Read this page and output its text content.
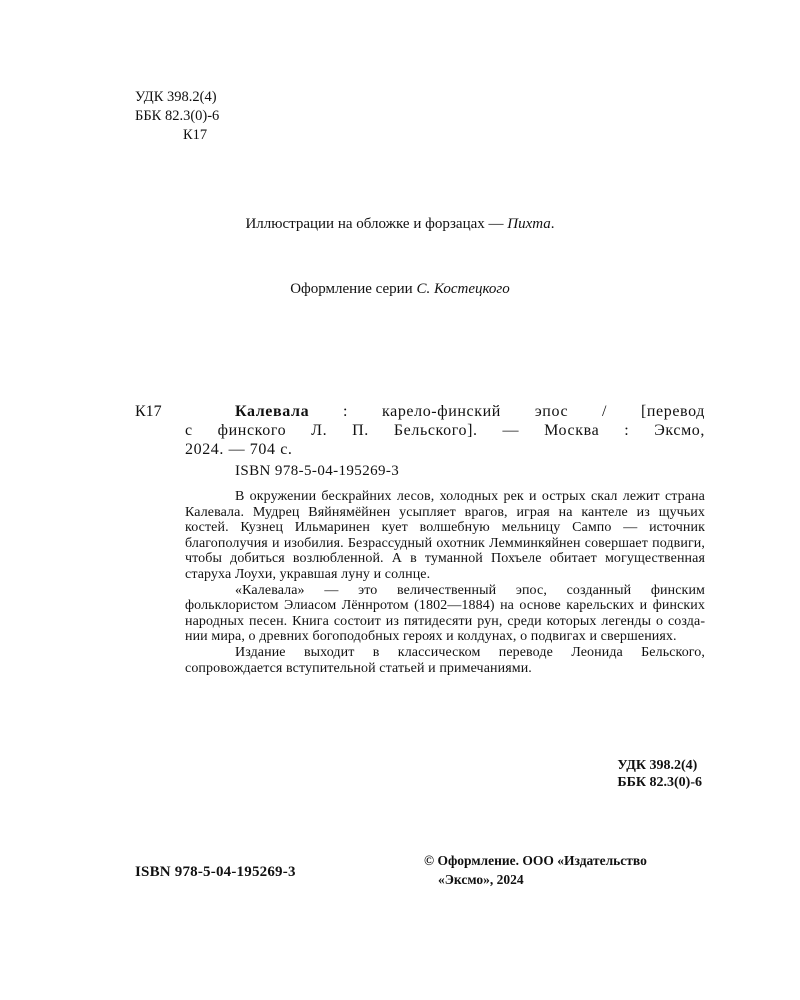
УДК 398.2(4)
ББК 82.3(0)-6
К17
Иллюстрации на обложке и форзацах — Пихта.
Оформление серии С. Костецкого
К17	Калевала : карело-финский эпос / [перевод

с финского Л. П. Бельского]. — Москва : Эксмо,

2024. — 704 с.

ISBN 978-5-04-195269-3

В окружении бескрайних лесов, холодных рек и острых скал лежит страна Калевала. Мудрец Вяйнямёйнен усыпляет врагов, играя на кантеле из щучьих костей. Кузнец Ильмаринен кует волшебную мельницу Сампо — источник благополучия и изобилия. Безрассудный охотник Лемминкяйнен совершает подвиги, чтобы добиться возлюбленной. А в туманной Похъеле обитает могущественная старуха Лоухи, укравшая луну и солнце.

«Калевала» — это величественный эпос, созданный финским фольклористом Элиасом Лённротом (1802—1884) на основе карельских и финских народных песен. Книга состоит из пятидесяти рун, среди которых легенды о создании мира, о древних богоподобных героях и колдунах, о подвигах и свершениях.

Издание выходит в классическом переводе Леонида Бельского, сопровождается вступительной статьей и примечаниями.

УДК 398.2(4)
ББК 82.3(0)-6
ISBN 978-5-04-195269-3
© Оформление. ООО «Издательство
«Эксмо», 2024
